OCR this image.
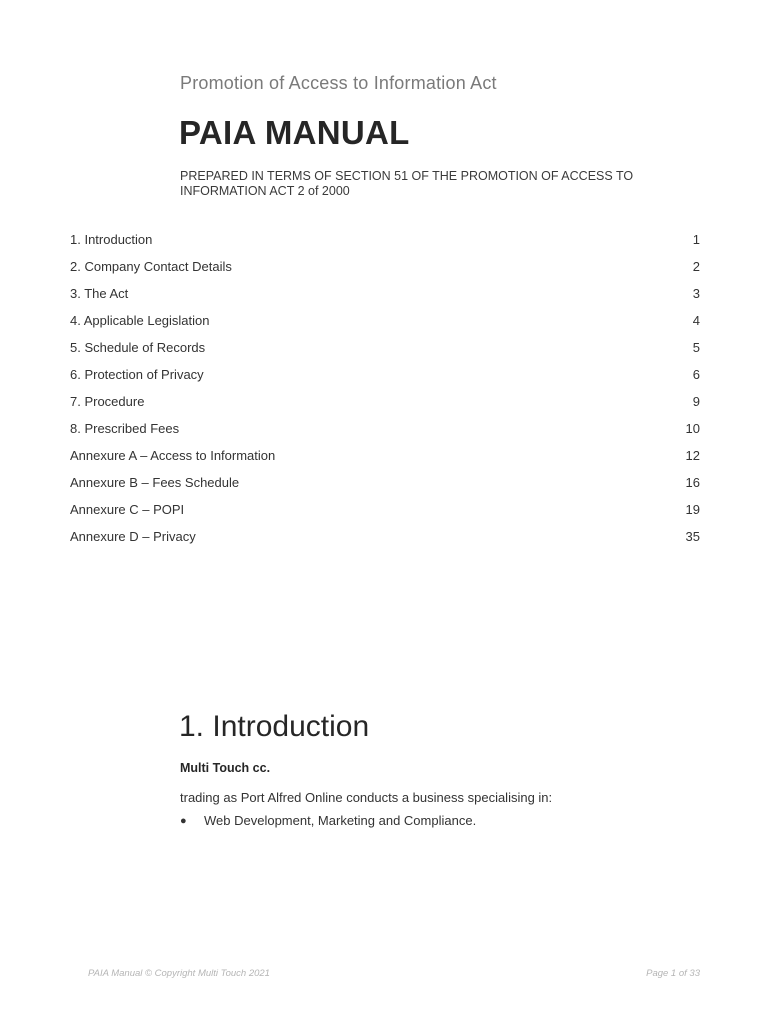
Promotion of Access to Information Act
PAIA MANUAL
PREPARED IN TERMS OF SECTION 51 OF THE PROMOTION OF ACCESS TO INFORMATION ACT 2 of 2000
1. Introduction	1
2. Company Contact Details	2
3. The Act	3
4. Applicable Legislation	4
5. Schedule of Records	5
6. Protection of Privacy	6
7. Procedure	9
8. Prescribed Fees	10
Annexure A – Access to Information	12
Annexure B – Fees Schedule	16
Annexure C – POPI	19
Annexure D – Privacy	35
1. Introduction
Multi Touch cc.
trading as Port Alfred Online conducts a business specialising in:
●	Web Development, Marketing and Compliance.
PAIA Manual © Copyright Multi Touch 2021	Page 1 of 33
